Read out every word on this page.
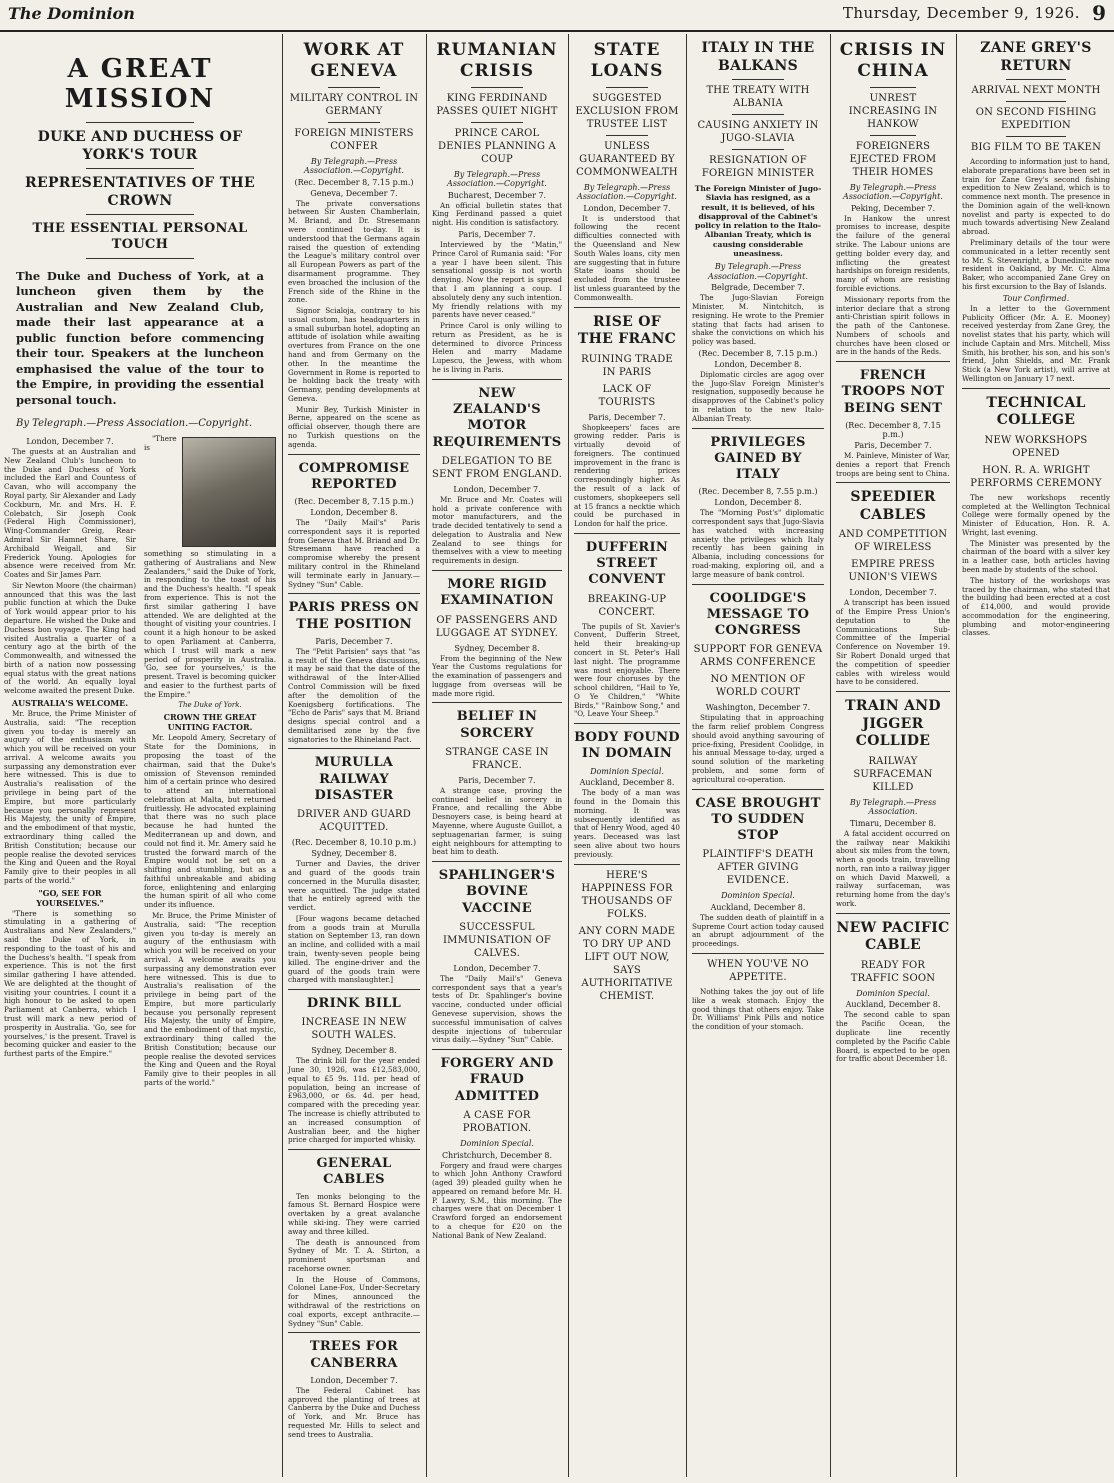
The Dominion	Thursday, December 9, 1926. 9
A GREAT MISSION
DUKE AND DUCHESS OF YORK'S TOUR
REPRESENTATIVES OF THE CROWN
THE ESSENTIAL PERSONAL TOUCH

The Duke and Duchess of York, at a luncheon given them by the Australian and New Zealand Club, made their last appearance at a public function before commencing their tour. Speakers at the luncheon emphasised the value of the tour to the Empire, in providing the essential personal touch.

By Telegraph.—Press Association.—Copyright.
London, December 7.

The guests at an Australian and New Zealand Club's luncheon to the Duke and Duchess of York included the Earl and Countess of Cavan, who will accompany the Royal party, Sir Alexander and Lady Cockburn, Mr. and Mrs. H. F. Colebatch, Sir Joseph Cook (Federal High Commissioner), Wing-Commander Greig, Rear-Admiral Sir Hamnet Share, Sir Archibald Weigall, and Sir Frederick Young. Apologies for absence were received from Mr. Coates and Sir James Parr.

Sir Newton Moore (the chairman) announced that this was the last public function at which the Duke of York would appear prior to his departure. He wished the Duke and Duchess bon voyage. The King had visited Australia a quarter of a century ago at the birth of the Commonwealth, and witnessed the birth of a nation now possessing equal status with the great nations of the world. An equally loyal welcome awaited the present Duke.

AUSTRALIA'S WELCOME.

Mr. Bruce, the Prime Minister of Australia, said: "The reception given you to-day is merely an augury of the enthusiasm with which you will be received on your arrival. A welcome awaits you surpassing any demonstration ever here witnessed. This is due to Australia's realisation of the privilege in being part of the Empire, but more particularly because you personally represent His Majesty, the unity of Empire, and the embodiment of that mystic, extraordinary thing called the British Constitution; because our people realise the devoted services the King and Queen and the Royal Family give to their peoples in all parts of the world."

"GO, SEE FOR YOURSELVES."

"There is something so stimulating in a gathering of Australians and New Zealanders," said the Duke of York, in responding to the toast of his and the Duchess's health. "I speak from experience. This is not the first similar gathering I have attended. We are delighted at the thought of visiting your countries. I count it a high honour to be asked to open Parliament at Canberra, which I trust will mark a new period of prosperity in Australia. 'Go, see for yourselves,' is the present. Travel is becoming quicker and easier to the furthest parts of the Empire."

"There is something so stimulating in a gathering of Australians and New Zealanders," said the Duke of York, in responding to the toast of his and the Duchess's health. "I speak from experience. This is not the first similar gathering I have attended. We are delighted at the thought of visiting your countries. I count it a high honour to be asked to open Parliament at Canberra, which I trust will mark a new period of prosperity in Australia. 'Go, see for yourselves,' is the present. Travel is becoming quicker and easier to the furthest parts of the Empire."

The Duke of York.
CROWN THE GREAT UNITING FACTOR.

Mr. Leopold Amery, Secretary of State for the Dominions, in proposing the toast of the chairman, said that the Duke's omission of Stevenson reminded him of a certain prince who desired to attend an international celebration at Malta, but returned fruitlessly. He advocated explaining that there was no such place because he had hunted the Mediterranean up and down, and could not find it. Mr. Amery said he trusted the forward march of the Empire would not be set on a shifting and stumbling, but as a faithful unbreakable and abiding force, enlightening and enlarging the human spirit of all who come under its influence.

Mr. Bruce, the Prime Minister of Australia, said: "The reception given you to-day is merely an augury of the enthusiasm with which you will be received on your arrival. A welcome awaits you surpassing any demonstration ever here witnessed. This is due to Australia's realisation of the privilege in being part of the Empire, but more particularly because you personally represent His Majesty, the unity of Empire, and the embodiment of that mystic, extraordinary thing called the British Constitution; because our people realise the devoted services the King and Queen and the Royal Family give to their peoples in all parts of the world."

WORK AT GENEVA
MILITARY CONTROL IN GERMANY
FOREIGN MINISTERS CONFER
By Telegraph.—Press Association.—Copyright.
(Rec. December 8, 7.15 p.m.)
Geneva, December 7.

The private conversations between Sir Austen Chamberlain, M. Briand, and Dr. Stresemann were continued to-day. It is understood that the Germans again raised the question of extending the League's military control over all European Powers as part of the disarmament programme. They even broached the inclusion of the French side of the Rhine in the zone.

Signor Scialoja, contrary to his usual custom, has headquarters in a small suburban hotel, adopting an attitude of isolation while awaiting overtures from France on the one hand and from Germany on the other. In the meantime the Government in Rome is reported to be holding back the treaty with Germany, pending developments at Geneva.

Munir Bey, Turkish Minister in Berne, appeared on the scene as official observer, though there are no Turkish questions on the agenda.

COMPROMISE REPORTED
(Rec. December 8, 7.15 p.m.)
London, December 8.

The "Daily Mail's" Paris correspondent says it is reported from Geneva that M. Briand and Dr. Stresemann have reached a compromise whereby the present military control in the Rhineland will terminate early in January.—Sydney "Sun" Cable.

PARIS PRESS ON THE POSITION
Paris, December 7.

The "Petit Parisien" says that "as a result of the Geneva discussions, it may be said that the date of the withdrawal of the Inter-Allied Control Commission will be fixed after the demolition of the Koenigsberg fortifications. The "Echo de Paris" says that M. Briand designs special control and a demilitarised zone by the five signatories to the Rhineland Pact.

MURULLA RAILWAY DISASTER
DRIVER AND GUARD ACQUITTED.
(Rec. December 8, 10.10 p.m.)
Sydney, December 8.

Turner and Davies, the driver and guard of the goods train concerned in the Murulla disaster, were acquitted. The judge stated that he entirely agreed with the verdict.

[Four wagons became detached from a goods train at Murulla station on September 13, ran down an incline, and collided with a mail train, twenty-seven people being killed. The engine-driver and the guard of the goods train were charged with manslaughter.]

DRINK BILL
INCREASE IN NEW SOUTH WALES.
Sydney, December 8.

The drink bill for the year ended June 30, 1926, was £12,583,000, equal to £5 9s. 11d. per head of population, being an increase of £963,000, or 6s. 4d. per head, compared with the preceding year. The increase is chiefly attributed to an increased consumption of Australian beer, and the higher price charged for imported whisky.

GENERAL CABLES

Ten monks belonging to the famous St. Bernard Hospice were overtaken by a great avalanche while ski-ing. They were carried away and three killed.

The death is announced from Sydney of Mr. T. A. Stirton, a prominent sportsman and racehorse owner.

In the House of Commons, Colonel Lane-Fox, Under-Secretary for Mines, announced the withdrawal of the restrictions on coal exports, except anthracite.—Sydney "Sun" Cable.

TREES FOR CANBERRA
London, December 7.

The Federal Cabinet has approved the planting of trees at Canberra by the Duke and Duchess of York, and Mr. Bruce has requested Mr. Hills to select and send trees to Australia.

RUMANIAN CRISIS
KING FERDINAND PASSES QUIET NIGHT
PRINCE CAROL DENIES PLANNING A COUP
By Telegraph.—Press Association.—Copyright.
Bucharest, December 7.

An official bulletin states that King Ferdinand passed a quiet night. His condition is satisfactory.

Paris, December 7.

Interviewed by the "Matin," Prince Carol of Rumania said: "For a year I have been silent. This sensational gossip is not worth denying. Now the report is spread that I am planning a coup. I absolutely deny any such intention. My friendly relations with my parents have never ceased."

Prince Carol is only willing to return as President, as he is determined to divorce Princess Helen and marry Madame Lupescu, the Jewess, with whom he is living in Paris.

NEW ZEALAND'S MOTOR REQUIREMENTS
DELEGATION TO BE SENT FROM ENGLAND.
London, December 7.

Mr. Bruce and Mr. Coates will hold a private conference with motor manufacturers, and the trade decided tentatively to send a delegation to Australia and New Zealand to see things for themselves with a view to meeting requirements in design.

MORE RIGID EXAMINATION
OF PASSENGERS AND LUGGAGE AT SYDNEY.
Sydney, December 8.

From the beginning of the New Year the Customs regulations for the examination of passengers and luggage from overseas will be made more rigid.

BELIEF IN SORCERY
STRANGE CASE IN FRANCE.
Paris, December 7.

A strange case, proving the continued belief in sorcery in France, and recalling the Abbe Desnoyers case, is being heard at Mayenne, where Auguste Guillot, a septuagenarian farmer, is suing eight neighbours for attempting to beat him to death.

SPAHLINGER'S BOVINE VACCINE
SUCCESSFUL IMMUNISATION OF CALVES.
London, December 7.

The "Daily Mail's" Geneva correspondent says that a year's tests of Dr. Spahlinger's bovine vaccine, conducted under official Genevese supervision, shows the successful immunisation of calves despite injections of tubercular virus daily.—Sydney "Sun" Cable.

FORGERY AND FRAUD ADMITTED
A CASE FOR PROBATION.
Dominion Special.
Christchurch, December 8.

Forgery and fraud were charges to which John Anthony Crawford (aged 39) pleaded guilty when he appeared on remand before Mr. H. P. Lawry, S.M., this morning. The charges were that on December 1 Crawford forged an endorsement to a cheque for £20 on the National Bank of New Zealand.

STATE LOANS
SUGGESTED EXCLUSION FROM TRUSTEE LIST
UNLESS GUARANTEED BY COMMONWEALTH
By Telegraph.—Press Association.—Copyright.
London, December 7.

It is understood that following the recent difficulties connected with the Queensland and New South Wales loans, city men are suggesting that in future State loans should be excluded from the trustee list unless guaranteed by the Commonwealth.

RISE OF THE FRANC
RUINING TRADE IN PARIS
LACK OF TOURISTS
Paris, December 7.

Shopkeepers' faces are growing redder. Paris is virtually devoid of foreigners. The continued improvement in the franc is rendering prices correspondingly higher. As the result of a lack of customers, shopkeepers sell at 15 francs a necktie which could be purchased in London for half the price.

DUFFERIN STREET CONVENT
BREAKING-UP CONCERT.

The pupils of St. Xavier's Convent, Dufferin Street, held their breaking-up concert in St. Peter's Hall last night. The programme was most enjoyable. There were four choruses by the school children, "Hail to Ye, O Ye Children," "White Birds," "Rainbow Song," and "O, Leave Your Sheep."

BODY FOUND IN DOMAIN
Dominion Special.
Auckland, December 8.

The body of a man was found in the Domain this morning. It was subsequently identified as that of Henry Wood, aged 40 years. Deceased was last seen alive about two hours previously.

HERE'S HAPPINESS FOR THOUSANDS OF FOLKS.
ANY CORN MADE TO DRY UP AND LIFT OUT NOW, SAYS AUTHORITATIVE CHEMIST.
ITALY IN THE BALKANS
THE TREATY WITH ALBANIA
CAUSING ANXIETY IN JUGO-SLAVIA
RESIGNATION OF FOREIGN MINISTER

The Foreign Minister of Jugo-Slavia has resigned, as a result, it is believed, of his disapproval of the Cabinet's policy in relation to the Italo-Albanian Treaty, which is causing considerable uneasiness.

By Telegraph.—Press Association.—Copyright.
Belgrade, December 7.

The Jugo-Slavian Foreign Minister, M. Nintchitch, is resigning. He wrote to the Premier stating that facts had arisen to shake the convictions on which his policy was based.

(Rec. December 8, 7.15 p.m.)
London, December 8.

Diplomatic circles are agog over the Jugo-Slav Foreign Minister's resignation, supposedly because he disapproves of the Cabinet's policy in relation to the new Italo-Albanian Treaty.

PRIVILEGES GAINED BY ITALY
(Rec. December 8, 7.55 p.m.)
London, December 8.

The "Morning Post's" diplomatic correspondent says that Jugo-Slavia has watched with increasing anxiety the privileges which Italy recently has been gaining in Albania, including concessions for road-making, exploring oil, and a large measure of bank control.

COOLIDGE'S MESSAGE TO CONGRESS
SUPPORT FOR GENEVA ARMS CONFERENCE
NO MENTION OF WORLD COURT
Washington, December 7.

Stipulating that in approaching the farm relief problem Congress should avoid anything savouring of price-fixing, President Coolidge, in his annual Message to-day, urged a sound solution of the marketing problem, and some form of agricultural co-operation.

CASE BROUGHT TO SUDDEN STOP
PLAINTIFF'S DEATH AFTER GIVING EVIDENCE.
Dominion Special.
Auckland, December 8.

The sudden death of plaintiff in a Supreme Court action today caused an abrupt adjournment of the proceedings.

WHEN YOU'VE NO APPETITE.

Nothing takes the joy out of life like a weak stomach. Enjoy the good things that others enjoy. Take Dr. Williams' Pink Pills and notice the condition of your stomach.

CRISIS IN CHINA
UNREST INCREASING IN HANKOW
FOREIGNERS EJECTED FROM THEIR HOMES
By Telegraph.—Press Association.—Copyright.
Peking, December 7.

In Hankow the unrest promises to increase, despite the failure of the general strike. The Labour unions are getting bolder every day, and inflicting the greatest hardships on foreign residents, many of whom are resisting forcible evictions.

Missionary reports from the interior declare that a strong anti-Christian spirit follows in the path of the Cantonese. Numbers of schools and churches have been closed or are in the hands of the Reds.

FRENCH TROOPS NOT BEING SENT
(Rec. December 8, 7.15 p.m.)
Paris, December 7.

M. Painleve, Minister of War, denies a report that French troops are being sent to China.

SPEEDIER CABLES
AND COMPETITION OF WIRELESS
EMPIRE PRESS UNION'S VIEWS
London, December 7.

A transcript has been issued of the Empire Press Union's deputation to the Communications Sub-Committee of the Imperial Conference on November 19. Sir Robert Donald urged that the competition of speedier cables with wireless would have to be considered.

TRAIN AND JIGGER COLLIDE
RAILWAY SURFACEMAN KILLED
By Telegraph.—Press Association.
Timaru, December 8.

A fatal accident occurred on the railway near Makikihi about six miles from the town, when a goods train, travelling north, ran into a railway jigger on which David Maxwell, a railway surfaceman, was returning home from the day's work.

NEW PACIFIC CABLE
READY FOR TRAFFIC SOON
Dominion Special.
Auckland, December 8.

The second cable to span the Pacific Ocean, the duplicate line recently completed by the Pacific Cable Board, is expected to be open for traffic about December 18.

ZANE GREY'S RETURN
ARRIVAL NEXT MONTH
ON SECOND FISHING EXPEDITION
BIG FILM TO BE TAKEN

According to information just to hand, elaborate preparations have been set in train for Zane Grey's second fishing expedition to New Zealand, which is to commence next month. The presence in the Dominion again of the well-known novelist and party is expected to do much towards advertising New Zealand abroad.

Preliminary details of the tour were communicated in a letter recently sent to Mr. S. Stevenright, a Dunedinite now resident in Oakland, by Mr. C. Alma Baker, who accompanied Zane Grey on his first excursion to the Bay of Islands.

Tour Confirmed.

In a letter to the Government Publicity Officer (Mr. A. E. Mooney) received yesterday from Zane Grey, the novelist states that his party, which will include Captain and Mrs. Mitchell, Miss Smith, his brother, his son, and his son's friend, John Shields, and Mr. Frank Stick (a New York artist), will arrive at Wellington on January 17 next.

TECHNICAL COLLEGE
NEW WORKSHOPS OPENED
HON. R. A. WRIGHT PERFORMS CEREMONY

The new workshops recently completed at the Wellington Technical College were formally opened by the Minister of Education, Hon. R. A. Wright, last evening.

The Minister was presented by the chairman of the board with a silver key in a leather case, both articles having been made by students of the school.

The history of the workshops was traced by the chairman, who stated that the building had been erected at a cost of £14,000, and would provide accommodation for the engineering, plumbing and motor-engineering classes.
